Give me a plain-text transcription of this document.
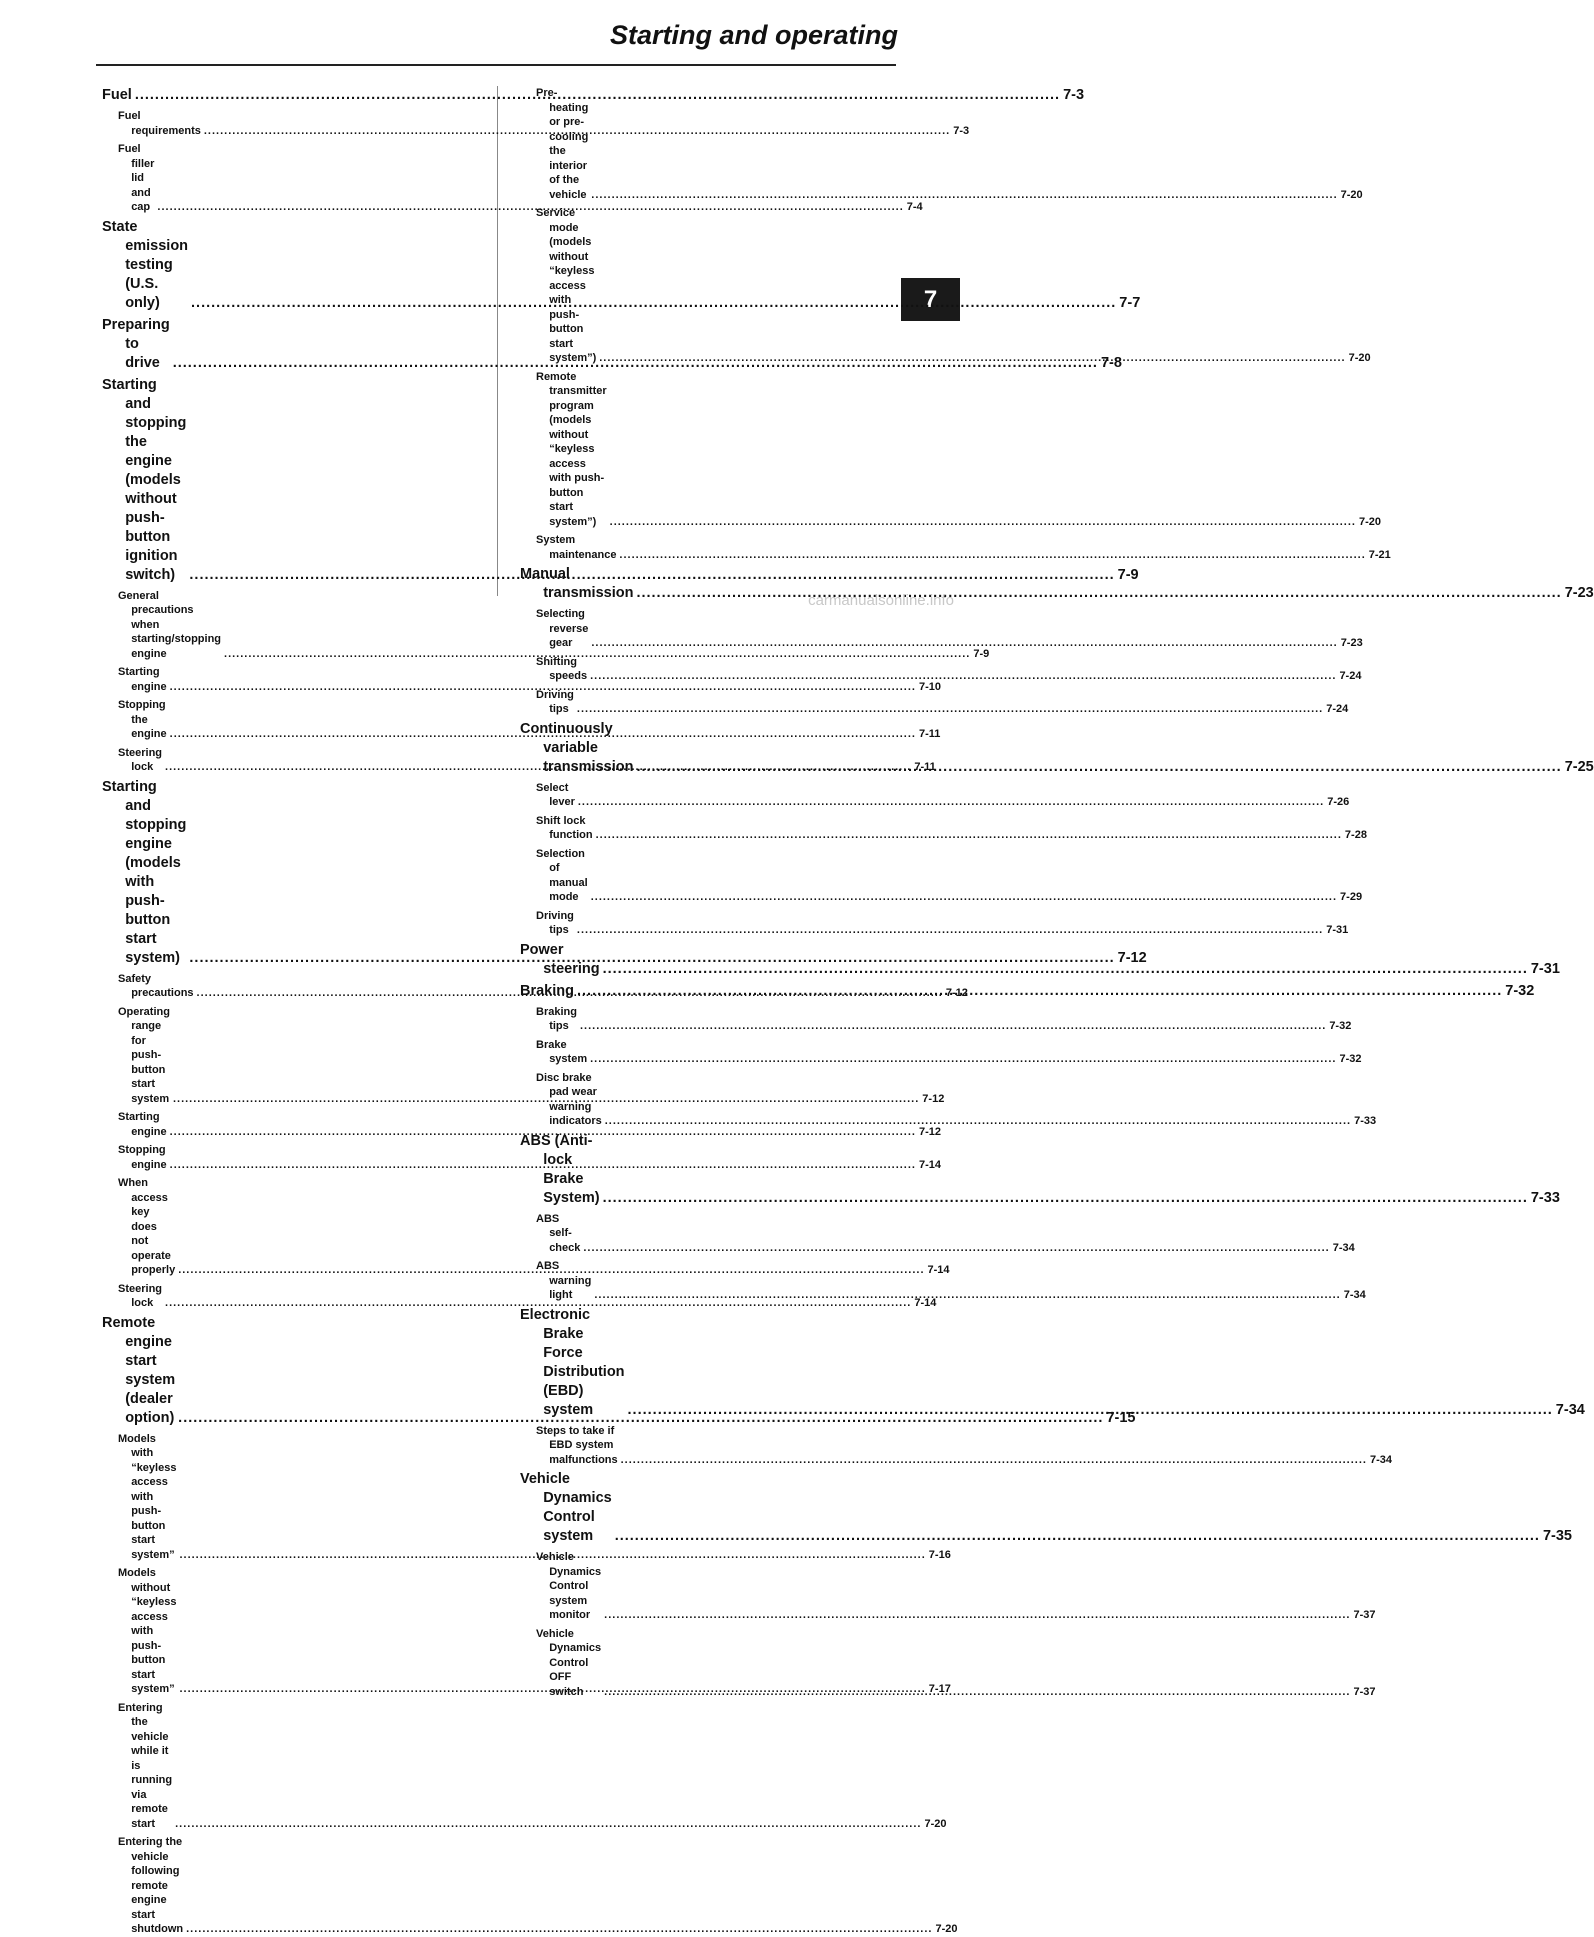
Starting and operating
7
Fuel .....	7-3
Fuel requirements .....	7-3
Fuel filler lid and cap .....	7-4
State emission testing (U.S. only) .....	7-7
Preparing to drive .....	7-8
Starting and stopping the engine (models without push-button ignition switch) .....	7-9
General precautions when starting/stopping engine .....	7-9
Starting engine .....	7-10
Stopping the engine .....	7-11
Steering lock .....	7-11
Starting and stopping engine (models with push-button start system) .....	7-12
Safety precautions .....	7-12
Operating range for push-button start system .....	7-12
Starting engine .....	7-12
Stopping engine .....	7-14
When access key does not operate properly .....	7-14
Steering lock .....	7-14
Remote engine start system (dealer option) .....	7-15
Models with “keyless access with push-button start system” .....	7-16
Models without “keyless access with push-button start system” .....	7-17
Entering the vehicle while it is running via remote start .....	7-20
Entering the vehicle following remote engine start shutdown .....	7-20
Pre-heating or pre-cooling the interior of the vehicle .....	7-20
Service mode (models without “keyless access with push-button start system”) .....	7-20
Remote transmitter program (models without “keyless access with push-button start system”) .....	7-20
System maintenance .....	7-21
Manual transmission .....	7-23
Selecting reverse gear .....	7-23
Shifting speeds .....	7-24
Driving tips .....	7-24
Continuously variable transmission .....	7-25
Select lever .....	7-26
Shift lock function .....	7-28
Selection of manual mode .....	7-29
Driving tips .....	7-31
Power steering .....	7-31
Braking .....	7-32
Braking tips .....	7-32
Brake system .....	7-32
Disc brake pad wear warning indicators .....	7-33
ABS (Anti-lock Brake System) .....	7-33
ABS self-check .....	7-34
ABS warning light .....	7-34
Electronic Brake Force Distribution (EBD) system .....	7-34
Steps to take if EBD system malfunctions .....	7-34
Vehicle Dynamics Control system .....	7-35
Vehicle Dynamics Control system monitor .....	7-37
Vehicle Dynamics Control OFF switch .....	7-37
carmanualsonline.info
